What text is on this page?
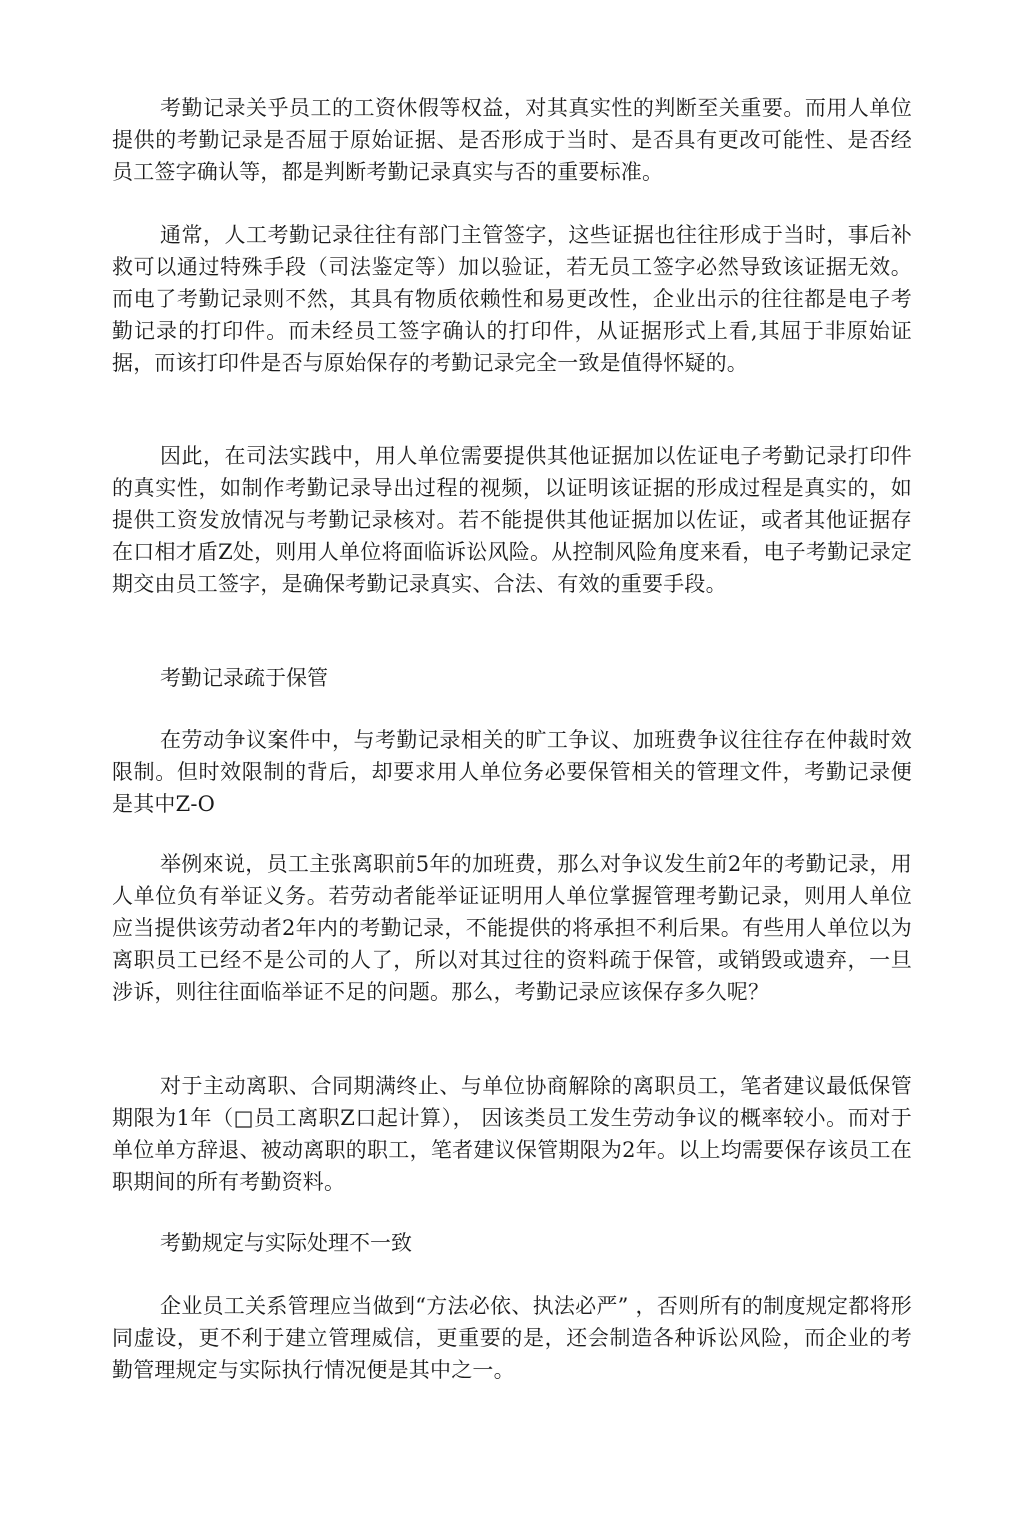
考勤记录关乎员工的工资休假等权益，对其真实性的判断至关重要。而用人单位提供的考勤记录是否屈于原始证据、是否形成于当时、是否具有更改可能性、是否经员工签字确认等，都是判断考勤记录真实与否的重要标准。

通常，人工考勤记录往往有部门主管签字，这些证据也往往形成于当时，事后补救可以通过特殊手段（司法鉴定等）加以验证，若无员工签字必然导致该证据无效。而电了考勤记录则不然，其具有物质依赖性和易更改性，企业出示的往往都是电子考勤记录的打印件。而未经员工签字确认的打印件，从证据形式上看,其屈于非原始证据，而该打印件是否与原始保存的考勤记录完全一致是值得怀疑的。

因此，在司法实践中，用人单位需要提供其他证据加以佐证电子考勤记录打印件的真实性，如制作考勤记录导出过程的视频，以证明该证据的形成过程是真实的，如提供工资发放情况与考勤记录核对。若不能提供其他证据加以佐证，或者其他证据存在口相才盾Z处，则用人单位将面临诉讼风险。从控制风险角度来看，电子考勤记录定期交由员工签字，是确保考勤记录真实、合法、有效的重要手段。

考勤记录疏于保管

在劳动争议案件中，与考勤记录相关的旷工争议、加班费争议往往存在仲裁时效限制。但时效限制的背后，却要求用人单位务必要保管相关的管理文件，考勤记录便是其中Z-O

举例來说，员工主张离职前5年的加班费，那么对争议发生前2年的考勤记录，用人单位负有举证义务。若劳动者能举证证明用人单位掌握管理考勤记录，则用人单位应当提供该劳动者2年内的考勤记录，不能提供的将承担不利后果。有些用人单位以为离职员工已经不是公司的人了，所以对其过往的资料疏于保管，或销毁或遗弃，一旦涉诉，则往往面临举证不足的问题。那么，考勤记录应该保存多久呢？

对于主动离职、合同期满终止、与单位协商解除的离职员工，笔者建议最低保管期限为1年（□员工离职Z口起计算）， 因该类员工发生劳动争议的概率较小。而对于单位单方辞退、被动离职的职工，笔者建议保管期限为2年。以上均需要保存该员工在职期间的所有考勤资料。

考勤规定与实际处理不一致

企业员工关系管理应当做到“方法必依、执法必严” ，否则所有的制度规定都将形同虚设，更不利于建立管理威信，更重要的是，还会制造各种诉讼风险，而企业的考勤管理规定与实际执行情况便是其中之一。
